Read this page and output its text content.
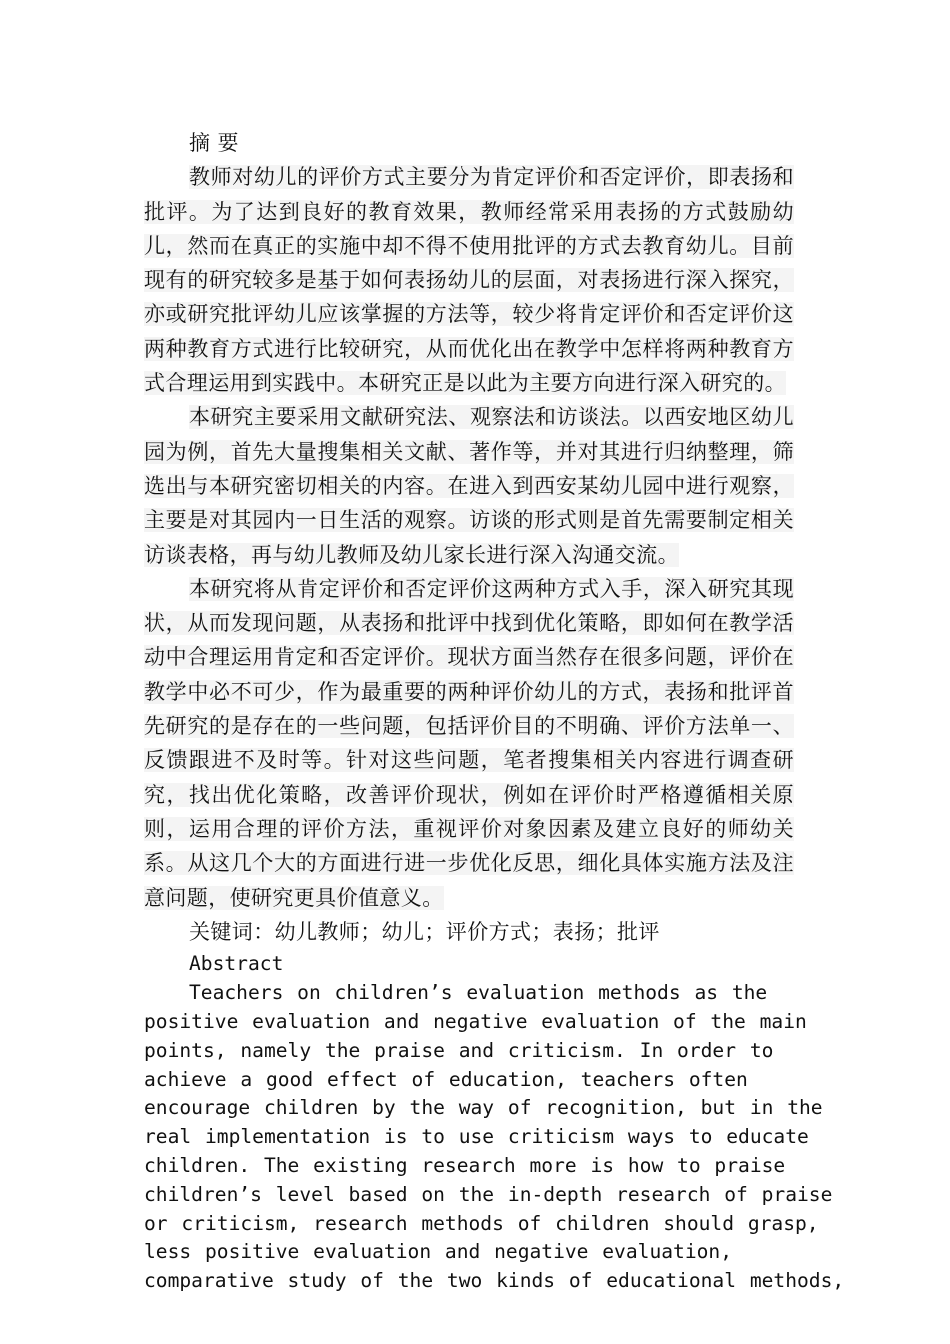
摘 要

教师对幼儿的评价方式主要分为肯定评价和否定评价，即表扬和批评。为了达到良好的教育效果，教师经常采用表扬的方式鼓励幼儿，然而在真正的实施中却不得不使用批评的方式去教育幼儿。目前现有的研究较多是基于如何表扬幼儿的层面，对表扬进行深入探究，亦或研究批评幼儿应该掌握的方法等，较少将肯定评价和否定评价这两种教育方式进行比较研究，从而优化出在教学中怎样将两种教育方式合理运用到实践中。本研究正是以此为主要方向进行深入研究的。

本研究主要采用文献研究法、观察法和访谈法。以西安地区幼儿园为例，首先大量搜集相关文献、著作等，并对其进行归纳整理，筛选出与本研究密切相关的内容。在进入到西安某幼儿园中进行观察，主要是对其园内一日生活的观察。访谈的形式则是首先需要制定相关访谈表格，再与幼儿教师及幼儿家长进行深入沟通交流。

本研究将从肯定评价和否定评价这两种方式入手，深入研究其现状，从而发现问题，从表扬和批评中找到优化策略，即如何在教学活动中合理运用肯定和否定评价。现状方面当然存在很多问题，评价在教学中必不可少，作为最重要的两种评价幼儿的方式，表扬和批评首先研究的是存在的一些问题，包括评价目的不明确、评价方法单一、反馈跟进不及时等。针对这些问题，笔者搜集相关内容进行调查研究，找出优化策略，改善评价现状，例如在评价时严格遵循相关原则，运用合理的评价方法，重视评价对象因素及建立良好的师幼关系。从这几个大的方面进行进一步优化反思，细化具体实施方法及注意问题，使研究更具价值意义。

关键词：幼儿教师；幼儿；评价方式；表扬；批评

Abstract

Teachers on children’s evaluation methods as the
positive evaluation and negative evaluation of the main
points, namely the praise and criticism. In order to
achieve a good effect of education, teachers often
encourage children by the way of recognition, but in the
real implementation is to use criticism ways to educate
children. The existing research more is how to praise
children’s level based on the in-depth research of praise
or criticism, research methods of children should grasp,
less positive evaluation and negative evaluation,
comparative study of the two kinds of educational methods,
